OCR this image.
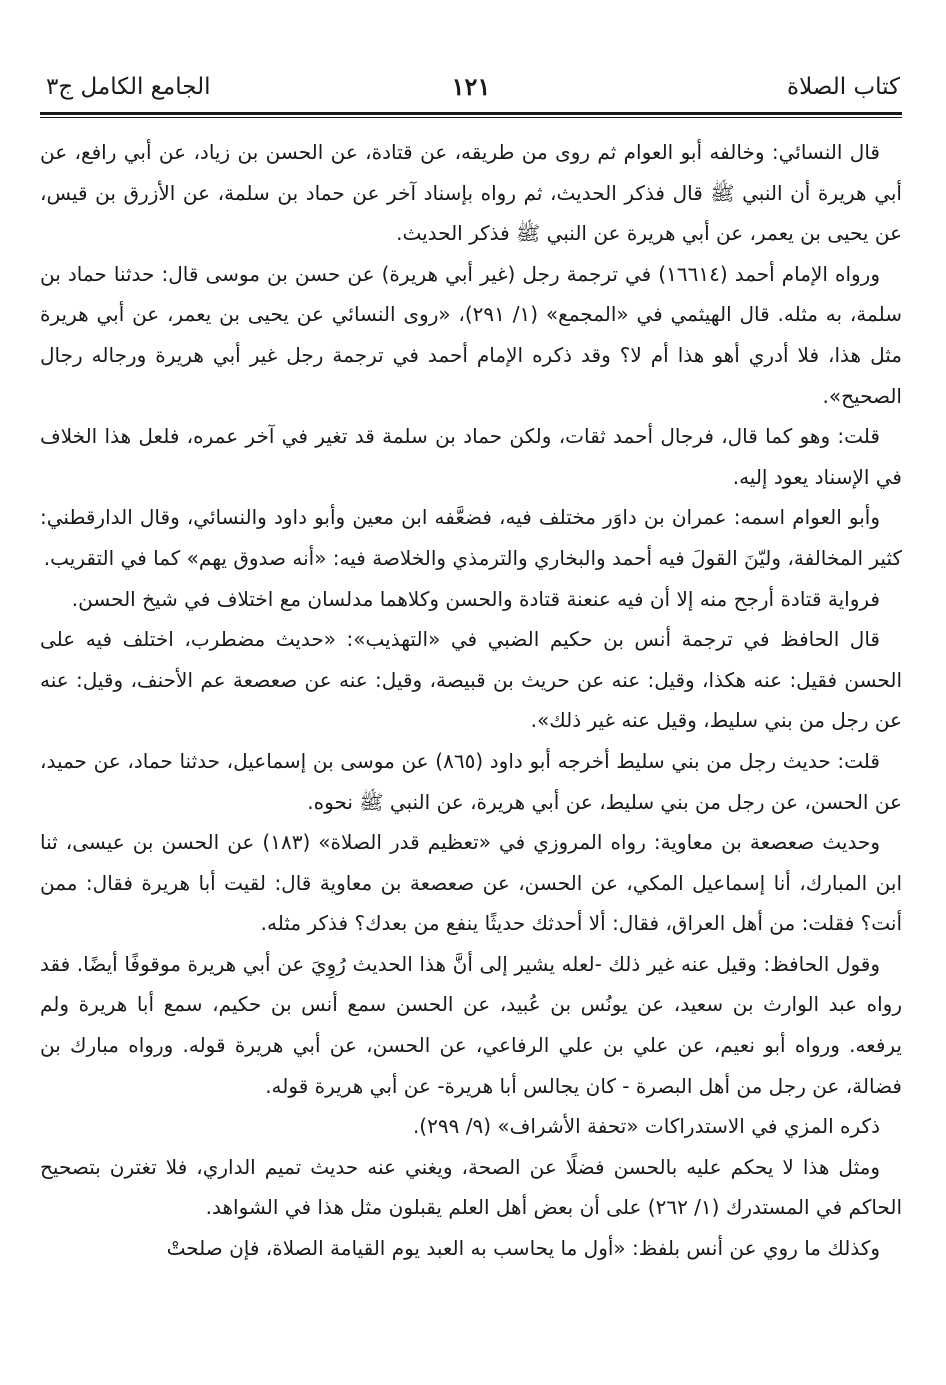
كتاب الصلاة
١٢١
الجامع الكامل ج٣

قال النسائي: وخالفه أبو العوام ثم روى من طريقه، عن قتادة، عن الحسن بن زياد، عن أبي رافع، عن أبي هريرة أن النبي ﷺ قال فذكر الحديث، ثم رواه بإسناد آخر عن حماد بن سلمة، عن الأزرق بن قيس، عن يحيى بن يعمر، عن أبي هريرة عن النبي ﷺ فذكر الحديث.

ورواه الإمام أحمد (١٦٦١٤) في ترجمة رجل (غير أبي هريرة) عن حسن بن موسى قال: حدثنا حماد بن سلمة، به مثله. قال الهيثمي في «المجمع» (١/ ٢٩١)، «روى النسائي عن يحيى بن يعمر، عن أبي هريرة مثل هذا، فلا أدري أهو هذا أم لا؟ وقد ذكره الإمام أحمد في ترجمة رجل غير أبي هريرة ورجاله رجال الصحيح».

قلت: وهو كما قال، فرجال أحمد ثقات، ولكن حماد بن سلمة قد تغير في آخر عمره، فلعل هذا الخلاف في الإسناد يعود إليه.

وأبو العوام اسمه: عمران بن داوَر مختلف فيه، فضعَّفه ابن معين وأبو داود والنسائي، وقال الدارقطني: كثير المخالفة، وليّنَ القولَ فيه أحمد والبخاري والترمذي والخلاصة فيه: «أنه صدوق يهم» كما في التقريب.

فرواية قتادة أرجح منه إلا أن فيه عنعنة قتادة والحسن وكلاهما مدلسان مع اختلاف في شيخ الحسن.

قال الحافظ في ترجمة أنس بن حكيم الضبي في «التهذيب»: «حديث مضطرب، اختلف فيه على الحسن فقيل: عنه هكذا، وقيل: عنه عن حريث بن قبيصة، وقيل: عنه عن صعصعة عم الأحنف، وقيل: عنه عن رجل من بني سليط، وقيل عنه غير ذلك».

قلت: حديث رجل من بني سليط أخرجه أبو داود (٨٦٥) عن موسى بن إسماعيل، حدثنا حماد، عن حميد، عن الحسن، عن رجل من بني سليط، عن أبي هريرة، عن النبي ﷺ نحوه.

وحديث صعصعة بن معاوية: رواه المروزي في «تعظيم قدر الصلاة» (١٨٣) عن الحسن بن عيسى، ثنا ابن المبارك، أنا إسماعيل المكي، عن الحسن، عن صعصعة بن معاوية قال: لقيت أبا هريرة فقال: ممن أنت؟ فقلت: من أهل العراق، فقال: ألا أحدثك حديثًا ينفع من بعدك؟ فذكر مثله.

وقول الحافظ: وقيل عنه غير ذلك -لعله يشير إلى أنَّ هذا الحديث رُوِيَ عن أبي هريرة موقوفًا أيضًا. فقد رواه عبد الوارث بن سعيد، عن يونُس بن عُبيد، عن الحسن سمع أنس بن حكيم، سمع أبا هريرة ولم يرفعه. ورواه أبو نعيم، عن علي بن علي الرفاعي، عن الحسن، عن أبي هريرة قوله. ورواه مبارك بن فضالة، عن رجل من أهل البصرة - كان يجالس أبا هريرة- عن أبي هريرة قوله.

ذكره المزي في الاستدراكات «تحفة الأشراف» (٩/ ٢٩٩).

ومثل هذا لا يحكم عليه بالحسن فضلًا عن الصحة، ويغني عنه حديث تميم الداري، فلا تغترن بتصحيح الحاكم في المستدرك (١/ ٢٦٢) على أن بعض أهل العلم يقبلون مثل هذا في الشواهد.

وكذلك ما روي عن أنس بلفظ: «أول ما يحاسب به العبد يوم القيامة الصلاة، فإن صلحتْ
